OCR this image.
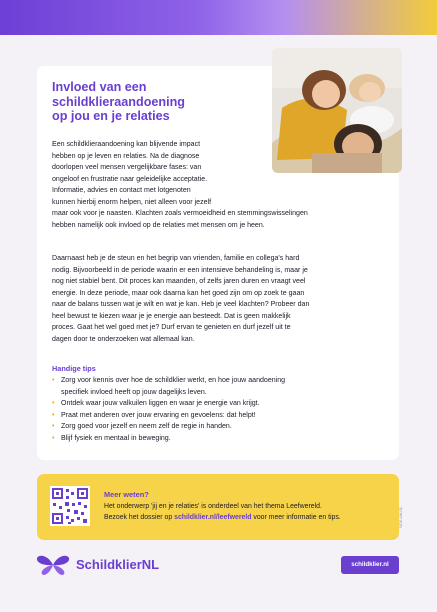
Invloed van een
schildklieraandoening
op jou en je relaties

Een schildklieraandoening kan blijvende impact
hebben op je leven en relaties. Na de diagnose
doorlopen veel mensen vergelijkbare fases: van
ongeloof en frustratie naar geleidelijke acceptatie.
Informatie, advies en contact met lotgenoten
kunnen hierbij enorm helpen, niet alleen voor jezelf
maar ook voor je naasten. Klachten zoals vermoeidheid en stemmingswisselingen
hebben namelijk ook invloed op de relaties met mensen om je heen.

Daarnaast heb je de steun en het begrip van vrienden, familie en collega's hard
nodig. Bijvoorbeeld in de periode waarin er een intensieve behandeling is, maar je
nog niet stabiel bent. Dit proces kan maanden, of zelfs jaren duren en vraagt veel
energie. In deze periode, maar ook daarna kan het goed zijn om op zoek te gaan
naar de balans tussen wat je wilt en wat je kan. Heb je veel klachten? Probeer dan
heel bewust te kiezen waar je je energie aan besteedt. Dat is geen makkelijk
proces. Gaat het wel goed met je? Durf ervan te genieten en durf jezelf uit te
dagen door te onderzoeken wat allemaal kan.

Handige tips
• Zorg voor kennis over hoe de schildklier werkt, en hoe jouw aandoening
specifiek invloed heeft op jouw dagelijks leven.
• Ontdek waar jouw valkuilen liggen en waar je energie van krijgt.
• Praat met anderen over jouw ervaring en gevoelens: dat helpt!
• Zorg goed voor jezelf en neem zelf de regie in handen.
• Blijf fysiek en mentaal in beweging.
Meer weten?

Het onderwerp 'jij en je relaties' is onderdeel van het thema Leefwereld.

Bezoek het dossier op schildklier.nl/leefwereld voor meer informatie en tips.	SCK-LW-01

SchildklierNL	schildklier.nl
